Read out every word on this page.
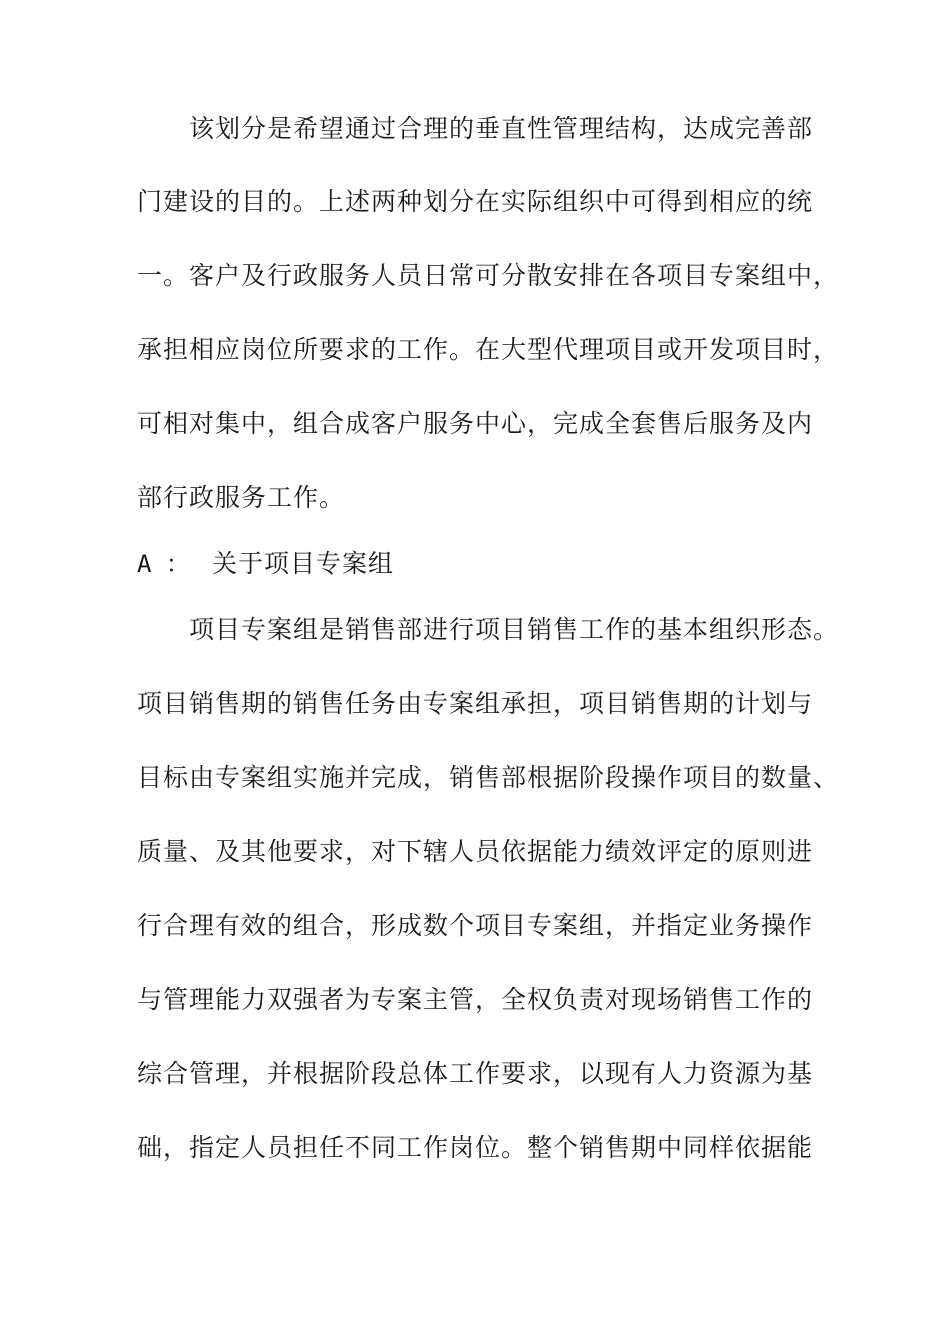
该划分是希望通过合理的垂直性管理结构，达成完善部
门建设的目的。上述两种划分在实际组织中可得到相应的统
一。客户及行政服务人员日常可分散安排在各项目专案组中，
承担相应岗位所要求的工作。在大型代理项目或开发项目时，
可相对集中，组合成客户服务中心，完成全套售后服务及内
部行政服务工作。
A ： 关于项目专案组
项目专案组是销售部进行项目销售工作的基本组织形态。
项目销售期的销售任务由专案组承担，项目销售期的计划与
目标由专案组实施并完成，销售部根据阶段操作项目的数量、
质量、及其他要求，对下辖人员依据能力绩效评定的原则进
行合理有效的组合，形成数个项目专案组，并指定业务操作
与管理能力双强者为专案主管，全权负责对现场销售工作的
综合管理，并根据阶段总体工作要求，以现有人力资源为基
础，指定人员担任不同工作岗位。整个销售期中同样依据能
